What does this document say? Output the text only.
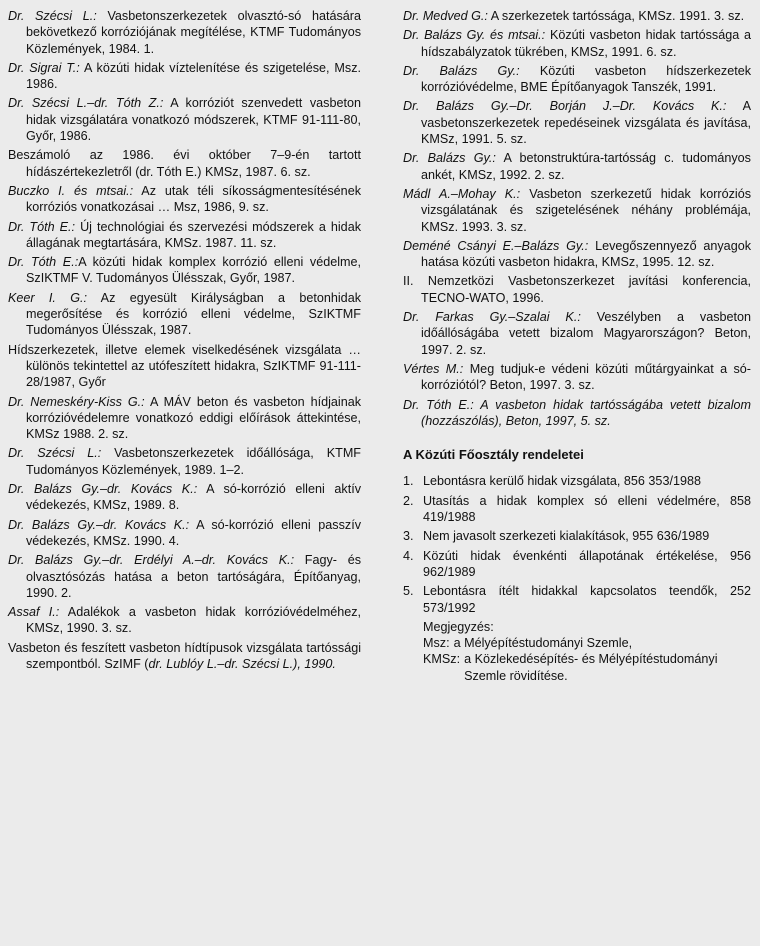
Dr. Szécsi L.: Vasbetonszerkezetek olvasztó-só hatására bekövetkező korróziójának megítélése, KTMF Tudományos Közlemények, 1984. 1.

Dr. Sigrai T.: A közúti hidak víztelenítése és szigetelése, Msz. 1986.

Dr. Szécsi L.–dr. Tóth Z.: A korróziót szenvedett vasbeton hidak vizsgálatára vonatkozó módszerek, KTMF 91-111-80, Győr, 1986.

Beszámoló az 1986. évi október 7–9-én tartott hídászértekezletről (dr. Tóth E.) KMSz, 1987. 6. sz.

Buczko I. és mtsai.: Az utak téli síkosságmentesítésének korróziós vonatkozásai … Msz, 1986, 9. sz.

Dr. Tóth E.: Új technológiai és szervezési módszerek a hidak állagának megtartására, KMSz. 1987. 11. sz.

Dr. Tóth E.:A közúti hidak komplex korrózió elleni védelme, SzIKTMF V. Tudományos Ülésszak, Győr, 1987.

Keer I. G.: Az egyesült Királyságban a betonhidak megerősítése és korrózió elleni védelme, SzIKTMF Tudományos Ülésszak, 1987.

Hídszerkezetek, illetve elemek viselkedésének vizsgálata … különös tekintettel az utófeszített hidakra, SzIKTMF 91-111-28/1987, Győr

Dr. Nemeskéry-Kiss G.: A MÁV beton és vasbeton hídjainak korrózióvédelemre vonatkozó eddigi előírások áttekintése, KMSz 1988. 2. sz.

Dr. Szécsi L.: Vasbetonszerkezetek időállósága, KTMF Tudományos Közlemények, 1989. 1–2.

Dr. Balázs Gy.–dr. Kovács K.: A só-korrózió elleni aktív védekezés, KMSz, 1989. 8.

Dr. Balázs Gy.–dr. Kovács K.: A só-korrózió elleni passzív védekezés, KMSz. 1990. 4.

Dr. Balázs Gy.–dr. Erdélyi A.–dr. Kovács K.: Fagy- és olvasztósózás hatása a beton tartóságára, Építőanyag, 1990. 2.

Assaf I.: Adalékok a vasbeton hidak korrózióvédelméhez, KMSz, 1990. 3. sz.

Vasbeton és feszített vasbeton hídtípusok vizsgálata tartóssági szempontból. SzIMF (dr. Lublóy L.–dr. Szécsi L.), 1990.

Dr. Medved G.: A szerkezetek tartóssága, KMSz. 1991. 3. sz.

Dr. Balázs Gy. és mtsai.: Közúti vasbeton hidak tartóssága a hídszabályzatok tükrében, KMSz, 1991. 6. sz.

Dr. Balázs Gy.: Közúti vasbeton hídszerkezetek korrózióvédelme, BME Építőanyagok Tanszék, 1991.

Dr. Balázs Gy.–Dr. Borján J.–Dr. Kovács K.: A vasbetonszerkezetek repedéseinek vizsgálata és javítása, KMSz, 1991. 5. sz.

Dr. Balázs Gy.: A betonstruktúra-tartósság c. tudományos ankét, KMSz, 1992. 2. sz.

Mádl A.–Mohay K.: Vasbeton szerkezetű hidak korróziós vizsgálatának és szigetelésének néhány problémája, KMSz. 1993. 3. sz.

Deméné Csányi E.–Balázs Gy.: Levegőszennyező anyagok hatása közúti vasbeton hidakra, KMSz, 1995. 12. sz.

II. Nemzetközi Vasbetonszerkezet javítási konferencia, TECNO-WATO, 1996.

Dr. Farkas Gy.–Szalai K.: Veszélyben a vasbeton időállóságába vetett bizalom Magyarországon? Beton, 1997. 2. sz.

Vértes M.: Meg tudjuk-e védeni közúti műtárgyainkat a só-korróziótól? Beton, 1997. 3. sz.

Dr. Tóth E.: A vasbeton hidak tartósságába vetett bizalom (hozzászólás), Beton, 1997, 5. sz.

A Közúti Főosztály rendeletei
1. Lebontásra kerülő hidak vizsgálata, 856 353/1988
2. Utasítás a hidak komplex só elleni védelmére, 858 419/1988
3. Nem javasolt szerkezeti kialakítások, 955 636/1989
4. Közúti hidak évenkénti állapotának értékelése, 956 962/1989
5. Lebontásra ítélt hidakkal kapcsolatos teendők, 252 573/1992
Megjegyzés:
Msz: a Mélyépítéstudományi Szemle,
KMSz: a Közlekedésépítés- és Mélyépítéstudományi Szemle rövidítése.
